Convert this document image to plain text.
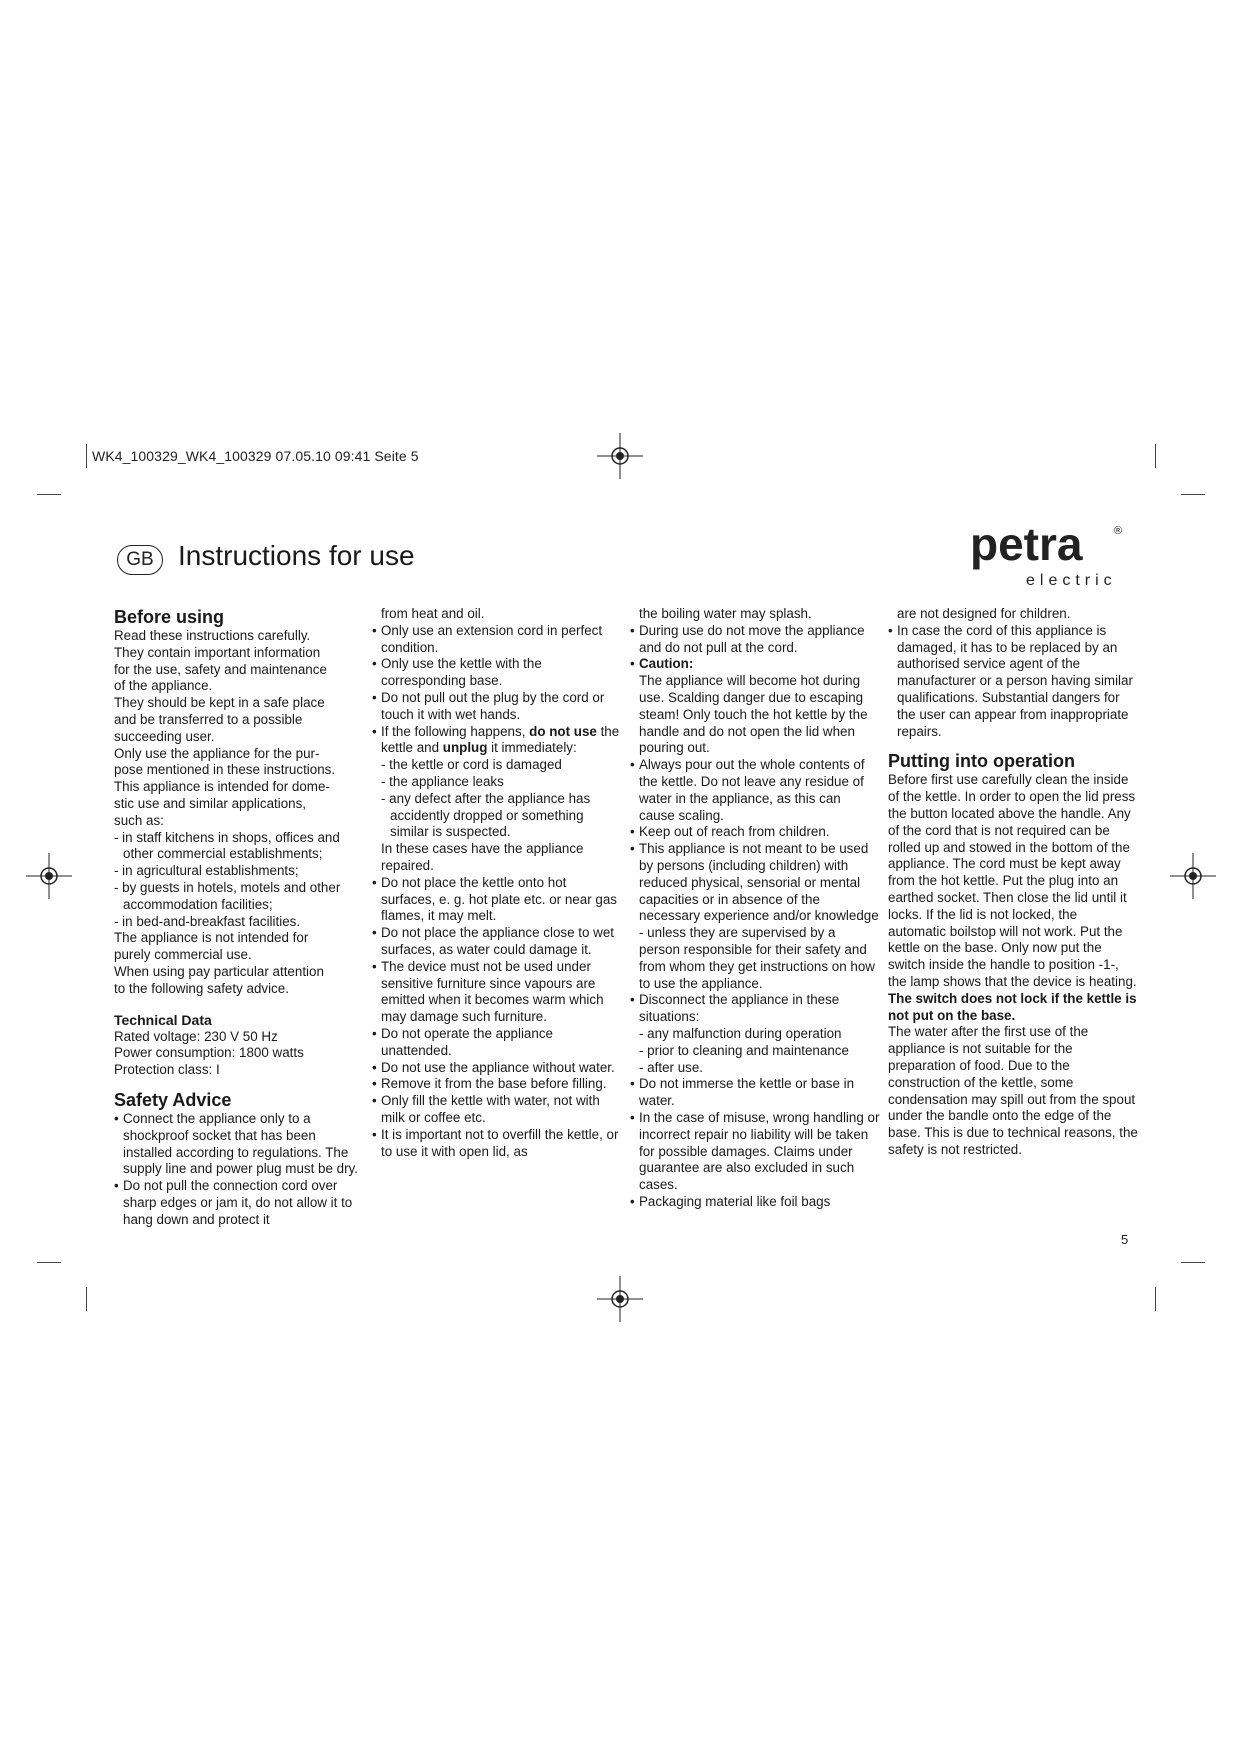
WK4_100329_WK4_100329 07.05.10 09:41 Seite 5
GB Instructions for use	petra	®
electric
Before using

Read these instructions carefully.

They contain important information

for the use, safety and maintenance

of the appliance.

They should be kept in a safe place

and be transferred to a possible

succeeding user.

Only use the appliance for the pur-

pose mentioned in these instructions.

This appliance is intended for dome-

stic use and similar applications,

such as:

- in staff kitchens in shops, offices and other commercial establishments;

- in agricultural establishments;

- by guests in hotels, motels and other accommodation facilities;

- in bed-and-breakfast facilities.

The appliance is not intended for

purely commercial use.

When using pay particular attention

to the following safety advice.

Technical Data

Rated voltage: 230 V 50 Hz

Power consumption: 1800 watts

Protection class: I

Safety Advice
• Connect the appliance only to a shockproof socket that has been installed according to regulations. The supply line and power plug must be dry.
• Do not pull the connection cord over sharp edges or jam it, do not allow it to hang down and protect it

from heat and oil.

• Only use an extension cord in perfect condition.
• Only use the kettle with the corresponding base.
• Do not pull out the plug by the cord or touch it with wet hands.
• If the following happens, do not use the kettle and unplug it immediately:

- the kettle or cord is damaged

- the appliance leaks

- any defect after the appliance has accidently dropped or something similar is suspected.

In these cases have the appliance repaired.

• Do not place the kettle onto hot surfaces, e. g. hot plate etc. or near gas flames, it may melt.
• Do not place the appliance close to wet surfaces, as water could damage it.
• The device must not be used under sensitive furniture since vapours are emitted when it becomes warm which may damage such furniture.
• Do not operate the appliance unattended.
• Do not use the appliance without water.
• Remove it from the base before filling.
• Only fill the kettle with water, not with milk or coffee etc.
• It is important not to overfill the kettle, or to use it with open lid, as

the boiling water may splash.

• During use do not move the appliance and do not pull at the cord.
• Caution:
The appliance will become hot during use. Scalding danger due to escaping steam! Only touch the hot kettle by the handle and do not open the lid when pouring out.
• Always pour out the whole contents of the kettle. Do not leave any residue of water in the appliance, as this can cause scaling.
• Keep out of reach from children.
• This appliance is not meant to be used by persons (including children) with reduced physical, sensorial or mental capacities or in absence of the necessary experience and/or knowledge - unless they are supervised by a person responsible for their safety and from whom they get instructions on how to use the appliance.
• Disconnect the appliance in these situations:

- any malfunction during operation

- prior to cleaning and maintenance

- after use.

• Do not immerse the kettle or base in water.
• In the case of misuse, wrong handling or incorrect repair no liability will be taken for possible damages. Claims under guarantee are also excluded in such cases.
• Packaging material like foil bags

are not designed for children.

• In case the cord of this appliance is damaged, it has to be replaced by an authorised service agent of the manufacturer or a person having similar qualifications. Substantial dangers for the user can appear from inappropriate repairs.
Putting into operation

Before first use carefully clean the inside of the kettle. In order to open the lid press the button located above the handle. Any of the cord that is not required can be rolled up and stowed in the bottom of the appliance. The cord must be kept away from the hot kettle. Put the plug into an earthed socket. Then close the lid until it locks. If the lid is not locked, the automatic boilstop will not work. Put the kettle on the base. Only now put the switch inside the handle to position -1-, the lamp shows that the device is heating.

The switch does not lock if the kettle is not put on the base.

The water after the first use of the appliance is not suitable for the preparation of food. Due to the construction of the kettle, some condensation may spill out from the spout under the bandle onto the edge of the base. This is due to technical reasons, the safety is not restricted.

5
